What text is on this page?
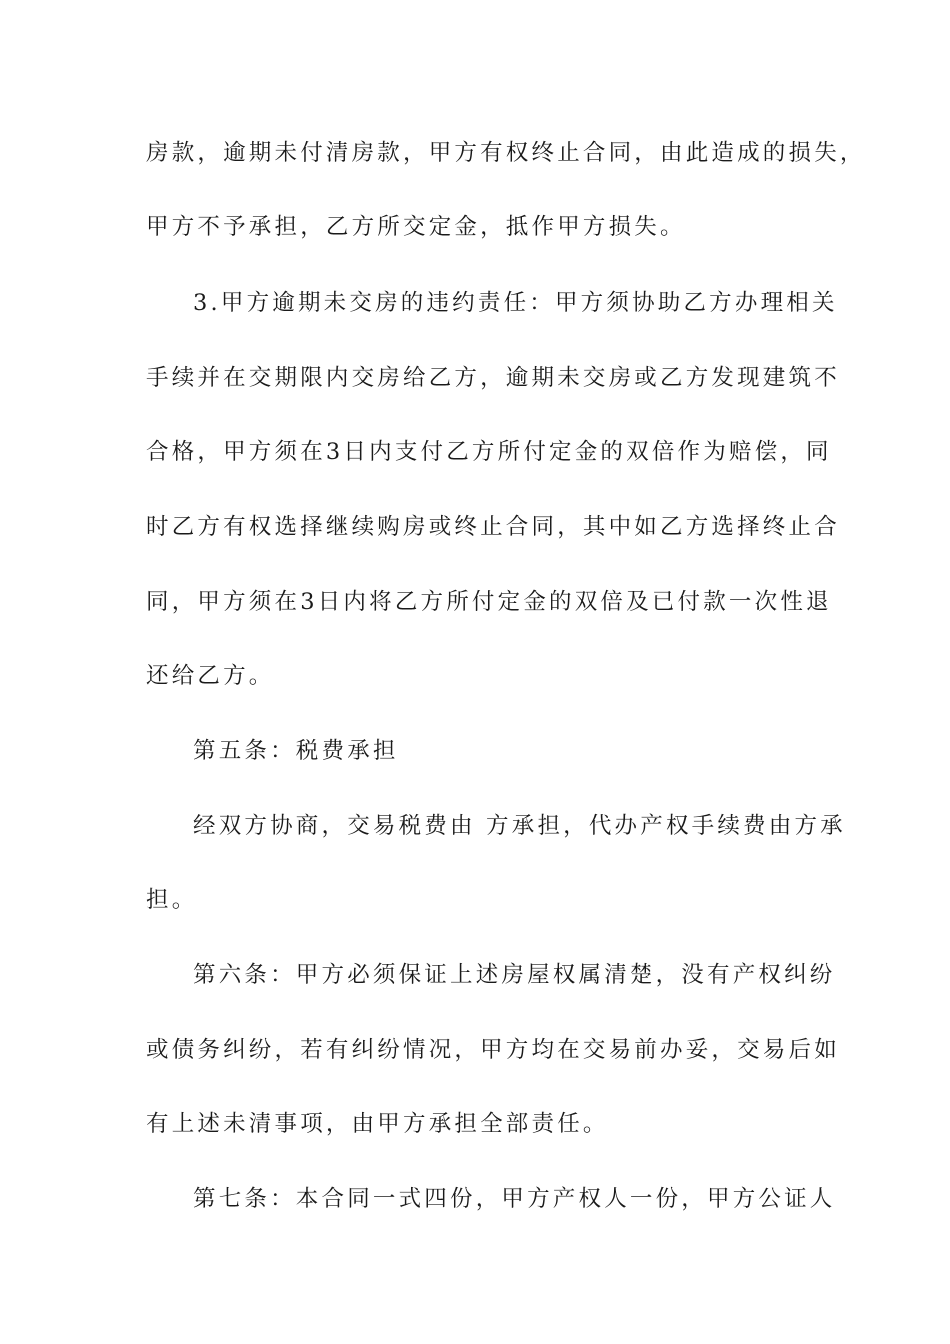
房款，逾期未付清房款，甲方有权终止合同，由此造成的损失，
甲方不予承担，乙方所交定金，抵作甲方损失。
3.甲方逾期未交房的违约责任：甲方须协助乙方办理相关
手续并在交期限内交房给乙方，逾期未交房或乙方发现建筑不
合格，甲方须在3日内支付乙方所付定金的双倍作为赔偿，同
时乙方有权选择继续购房或终止合同，其中如乙方选择终止合
同，甲方须在3日内将乙方所付定金的双倍及已付款一次性退
还给乙方。
第五条：税费承担
经双方协商，交易税费由 方承担，代办产权手续费由方承
担。
第六条：甲方必须保证上述房屋权属清楚，没有产权纠纷
或债务纠纷，若有纠纷情况，甲方均在交易前办妥，交易后如
有上述未清事项，由甲方承担全部责任。
第七条：本合同一式四份，甲方产权人一份，甲方公证人
